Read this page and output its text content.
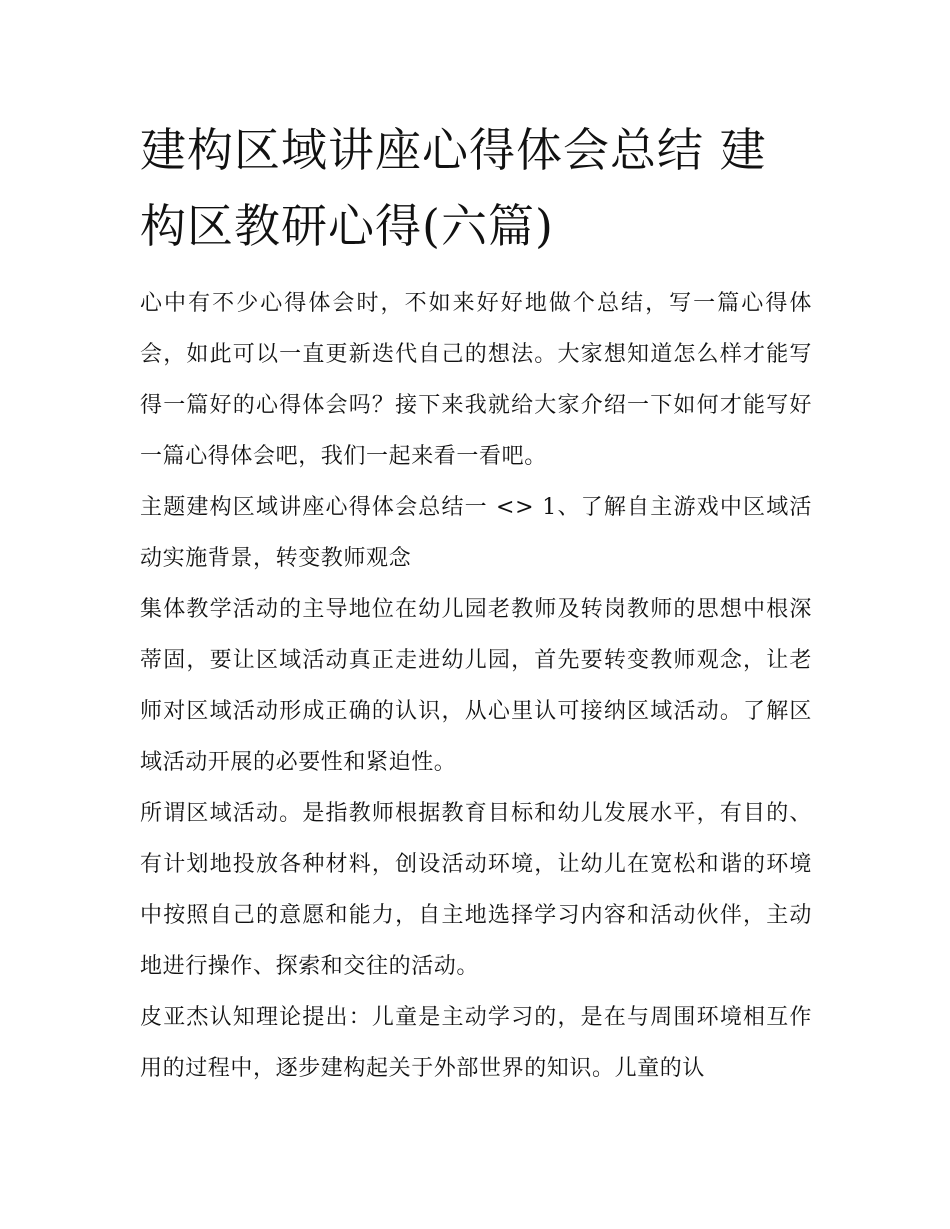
建构区域讲座心得体会总结 建构区教研心得(六篇)

心中有不少心得体会时，不如来好好地做个总结，写一篇心得体会，如此可以一直更新迭代自己的想法。大家想知道怎么样才能写得一篇好的心得体会吗？接下来我就给大家介绍一下如何才能写好一篇心得体会吧，我们一起来看一看吧。

主题建构区域讲座心得体会总结一 <> 1、了解自主游戏中区域活动实施背景，转变教师观念

集体教学活动的主导地位在幼儿园老教师及转岗教师的思想中根深蒂固，要让区域活动真正走进幼儿园，首先要转变教师观念，让老师对区域活动形成正确的认识，从心里认可接纳区域活动。了解区域活动开展的必要性和紧迫性。

所谓区域活动。是指教师根据教育目标和幼儿发展水平，有目的、有计划地投放各种材料，创设活动环境，让幼儿在宽松和谐的环境中按照自己的意愿和能力，自主地选择学习内容和活动伙伴，主动地进行操作、探索和交往的活动。

皮亚杰认知理论提出：儿童是主动学习的，是在与周围环境相互作用的过程中，逐步建构起关于外部世界的知识。儿童的认
